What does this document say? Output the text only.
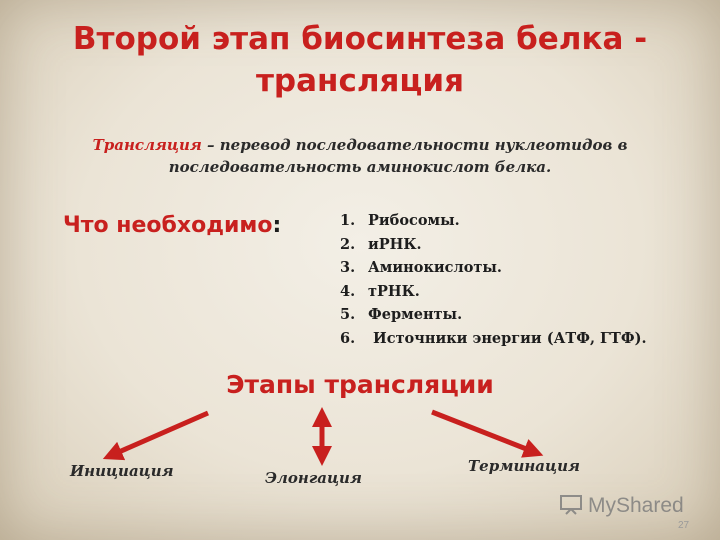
Второй этап биосинтеза белка -
трансляция
Трансляция – перевод последовательности нуклеотидов в последовательность аминокислот белка.
Что необходимо:	1. Рибосомы.
2. иРНК.
3. Аминокислоты.
4. тРНК.
5. Ферменты.
6. Источники энергии (АТФ, ГТФ).
Этапы трансляции
Инициация	Элонгация
Терминация
MyShared
27
